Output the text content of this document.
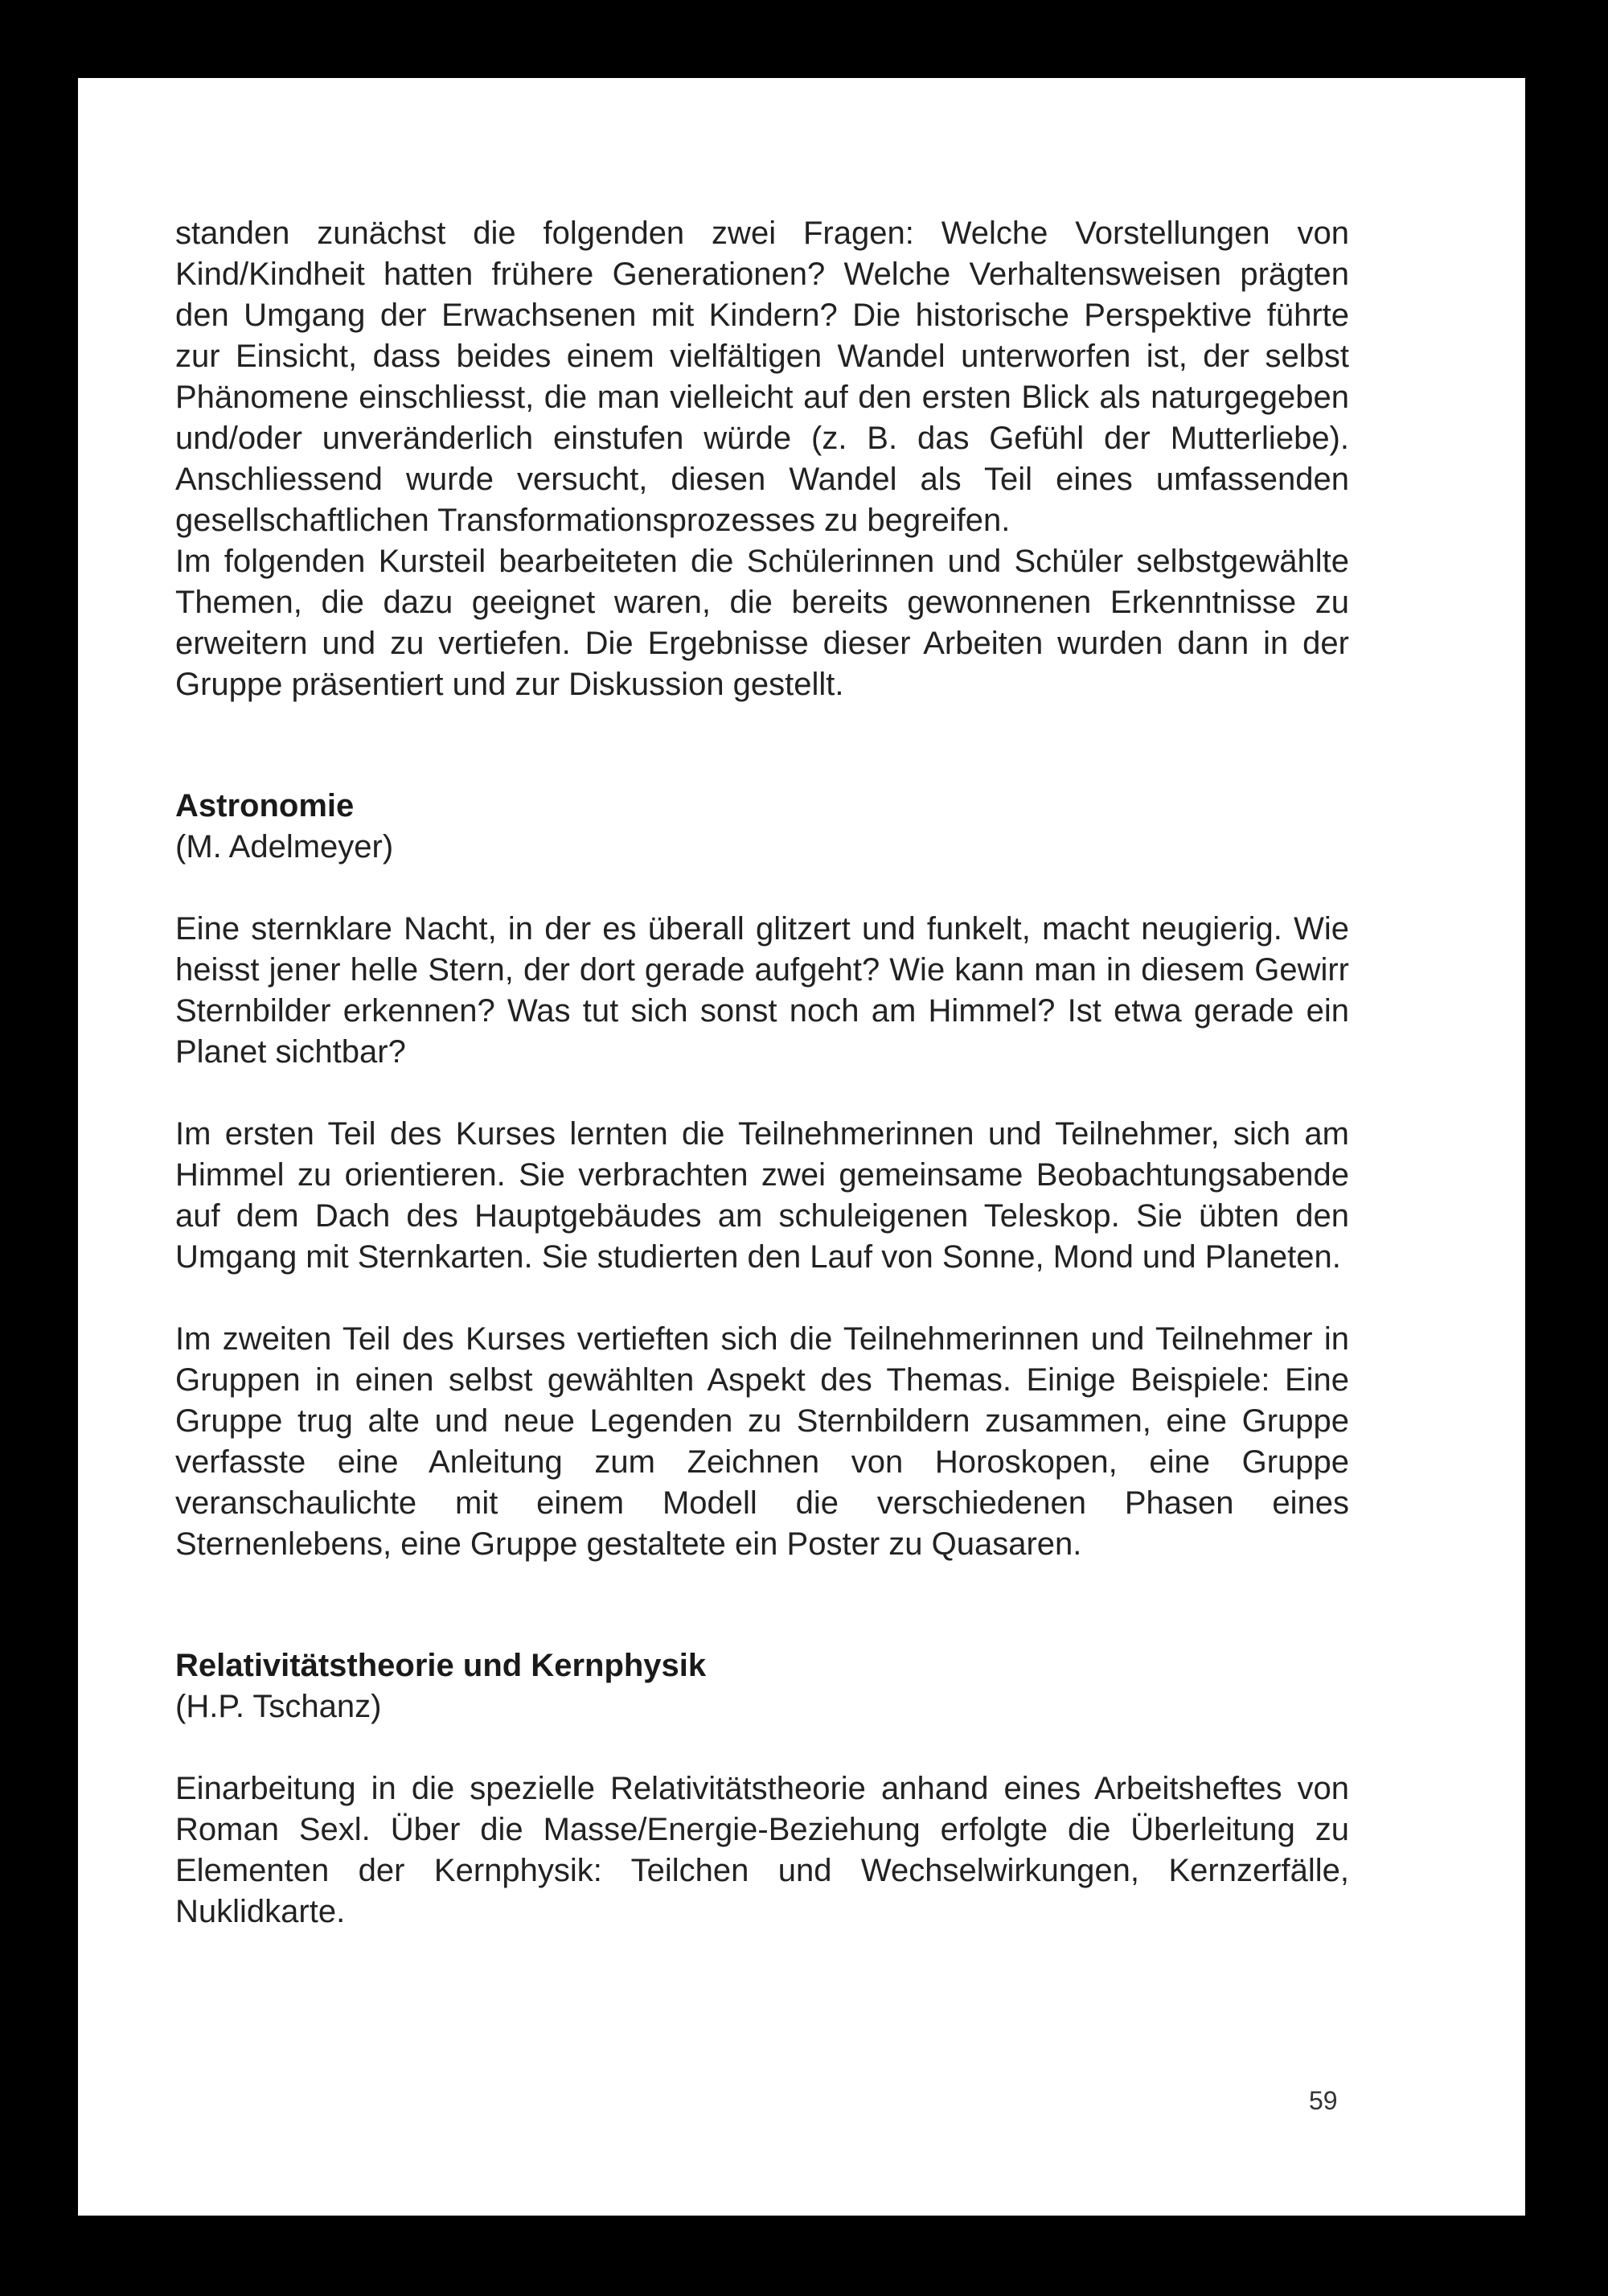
standen zunächst die folgenden zwei Fragen: Welche Vorstellungen von Kind/Kindheit hatten frühere Generationen? Welche Verhaltensweisen prägten den Umgang der Erwachsenen mit Kindern? Die historische Perspektive führte zur Einsicht, dass beides einem vielfältigen Wandel unterworfen ist, der selbst Phänomene einschliesst, die man vielleicht auf den ersten Blick als naturgegeben und/oder unveränderlich einstufen würde (z. B. das Gefühl der Mutterliebe). Anschliessend wurde versucht, diesen Wandel als Teil eines umfassenden gesellschaftlichen Transformationsprozesses zu begreifen.

Im folgenden Kursteil bearbeiteten die Schülerinnen und Schüler selbstgewählte Themen, die dazu geeignet waren, die bereits gewonnenen Erkenntnisse zu erweitern und zu vertiefen. Die Ergebnisse dieser Arbeiten wurden dann in der Gruppe präsentiert und zur Diskussion gestellt.

Astronomie

(M. Adelmeyer)

Eine sternklare Nacht, in der es überall glitzert und funkelt, macht neugierig. Wie heisst jener helle Stern, der dort gerade aufgeht? Wie kann man in diesem Gewirr Sternbilder erkennen? Was tut sich sonst noch am Himmel? Ist etwa gerade ein Planet sichtbar?

Im ersten Teil des Kurses lernten die Teilnehmerinnen und Teilnehmer, sich am Himmel zu orientieren. Sie verbrachten zwei gemeinsame Beobachtungsabende auf dem Dach des Hauptgebäudes am schuleigenen Teleskop. Sie übten den Umgang mit Sternkarten. Sie studierten den Lauf von Sonne, Mond und Planeten.

Im zweiten Teil des Kurses vertieften sich die Teilnehmerinnen und Teilnehmer in Gruppen in einen selbst gewählten Aspekt des Themas. Einige Beispiele: Eine Gruppe trug alte und neue Legenden zu Sternbildern zusammen, eine Gruppe verfasste eine Anleitung zum Zeichnen von Horoskopen, eine Gruppe veranschaulichte mit einem Modell die verschiedenen Phasen eines Sternenlebens, eine Gruppe gestaltete ein Poster zu Quasaren.

Relativitätstheorie und Kernphysik

(H.P. Tschanz)

Einarbeitung in die spezielle Relativitätstheorie anhand eines Arbeitsheftes von Roman Sexl. Über die Masse/Energie-Beziehung erfolgte die Überleitung zu Elementen der Kernphysik: Teilchen und Wechselwirkungen, Kernzerfälle, Nuklidkarte.

59
